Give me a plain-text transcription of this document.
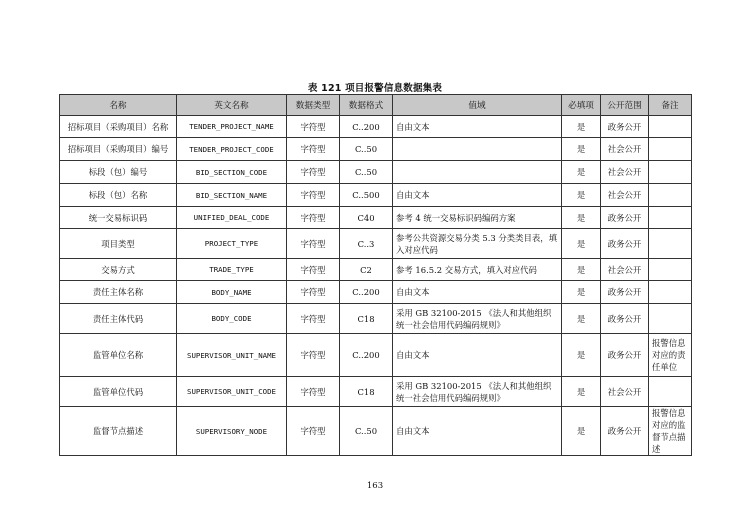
表 121 项目报警信息数据集表
名称	英文名称	数据类型	数据格式	值域	必填项	公开范围	备注
招标项目（采购项目）名称	TENDER_PROJECT_NAME	字符型	C..200	自由文本	是	政务公开	
招标项目（采购项目）编号	TENDER_PROJECT_CODE	字符型	C..50		是	社会公开	
标段（包）编号	BID_SECTION_CODE	字符型	C..50		是	社会公开	
标段（包）名称	BID_SECTION_NAME	字符型	C..500	自由文本	是	社会公开	
统一交易标识码	UNIFIED_DEAL_CODE	字符型	C40	参考 4 统一交易标识码编码方案	是	政务公开	
项目类型	PROJECT_TYPE	字符型	C..3	参考公共资源交易分类 5.3 分类类目表，填入对应代码	是	政务公开	
交易方式	TRADE_TYPE	字符型	C2	参考 16.5.2 交易方式，填入对应代码	是	社会公开	
责任主体名称	BODY_NAME	字符型	C..200	自由文本	是	政务公开	
责任主体代码	BODY_CODE	字符型	C18	采用 GB 32100-2015 《法人和其他组织统一社会信用代码编码规则》	是	政务公开	
监管单位名称	SUPERVISOR_UNIT_NAME	字符型	C..200	自由文本	是	政务公开	报警信息对应的责任单位
监管单位代码	SUPERVISOR_UNIT_CODE	字符型	C18	采用 GB 32100-2015 《法人和其他组织统一社会信用代码编码规则》	是	社会公开	
监督节点描述	SUPERVISORY_NODE	字符型	C..50	自由文本	是	政务公开	报警信息对应的监督节点描述
163
